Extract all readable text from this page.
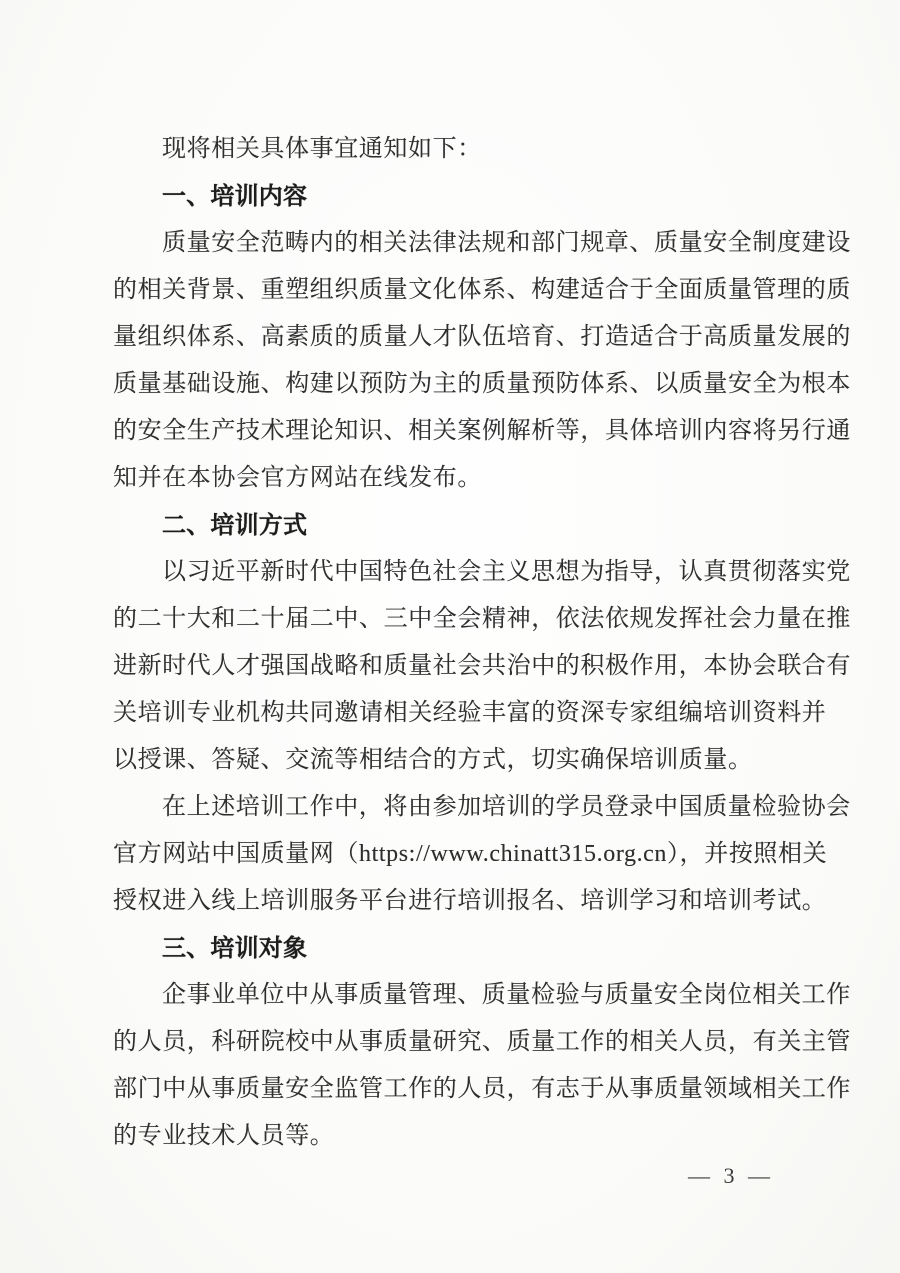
现将相关具体事宜通知如下：
一、培训内容
质量安全范畴内的相关法律法规和部门规章、质量安全制度建设
的相关背景、重塑组织质量文化体系、构建适合于全面质量管理的质
量组织体系、高素质的质量人才队伍培育、打造适合于高质量发展的
质量基础设施、构建以预防为主的质量预防体系、以质量安全为根本
的安全生产技术理论知识、相关案例解析等，具体培训内容将另行通
知并在本协会官方网站在线发布。
二、培训方式
以习近平新时代中国特色社会主义思想为指导，认真贯彻落实党
的二十大和二十届二中、三中全会精神，依法依规发挥社会力量在推
进新时代人才强国战略和质量社会共治中的积极作用，本协会联合有
关培训专业机构共同邀请相关经验丰富的资深专家组编培训资料并
以授课、答疑、交流等相结合的方式，切实确保培训质量。
在上述培训工作中，将由参加培训的学员登录中国质量检验协会
官方网站中国质量网（https://www.chinatt315.org.cn），并按照相关
授权进入线上培训服务平台进行培训报名、培训学习和培训考试。
三、培训对象
企事业单位中从事质量管理、质量检验与质量安全岗位相关工作
的人员，科研院校中从事质量研究、质量工作的相关人员，有关主管
部门中从事质量安全监管工作的人员，有志于从事质量领域相关工作
的专业技术人员等。
— 3 —
